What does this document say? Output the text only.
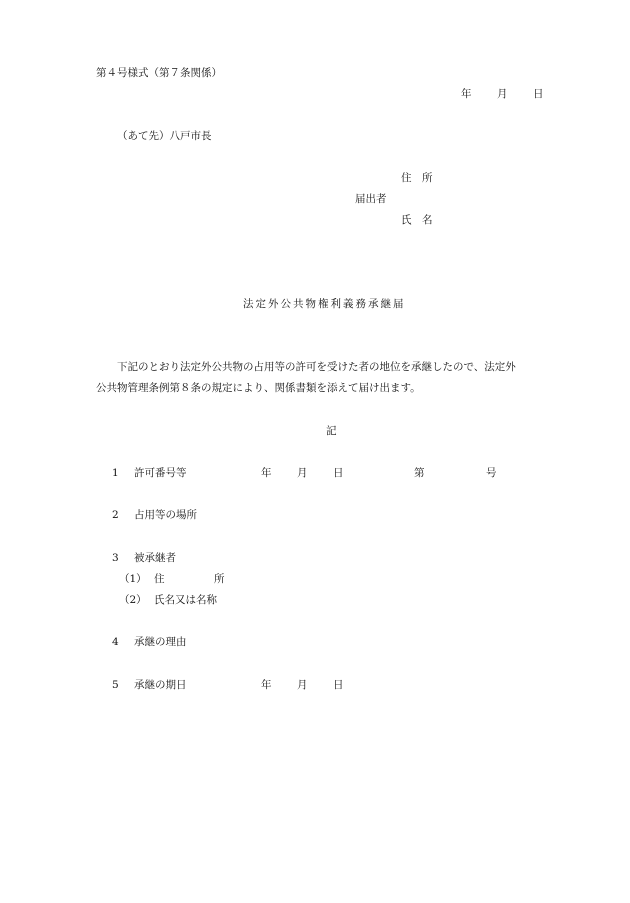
第４号様式（第７条関係）
年 月 日
（あて先）八戸市長
住　所
届出者
氏　名
法定外公共物権利義務承継届
下記のとおり法定外公共物の占用等の許可を受けた者の地位を承継したので、法定外
公共物管理条例第８条の規定により、関係書類を添えて届け出ます。
記
1 許可番号等	年 月 日	第	号
2 占用等の場所
3 被承継者
（1） 住	所
（2） 氏名又は名称
4 承継の理由
5 承継の期日	年 月 日
